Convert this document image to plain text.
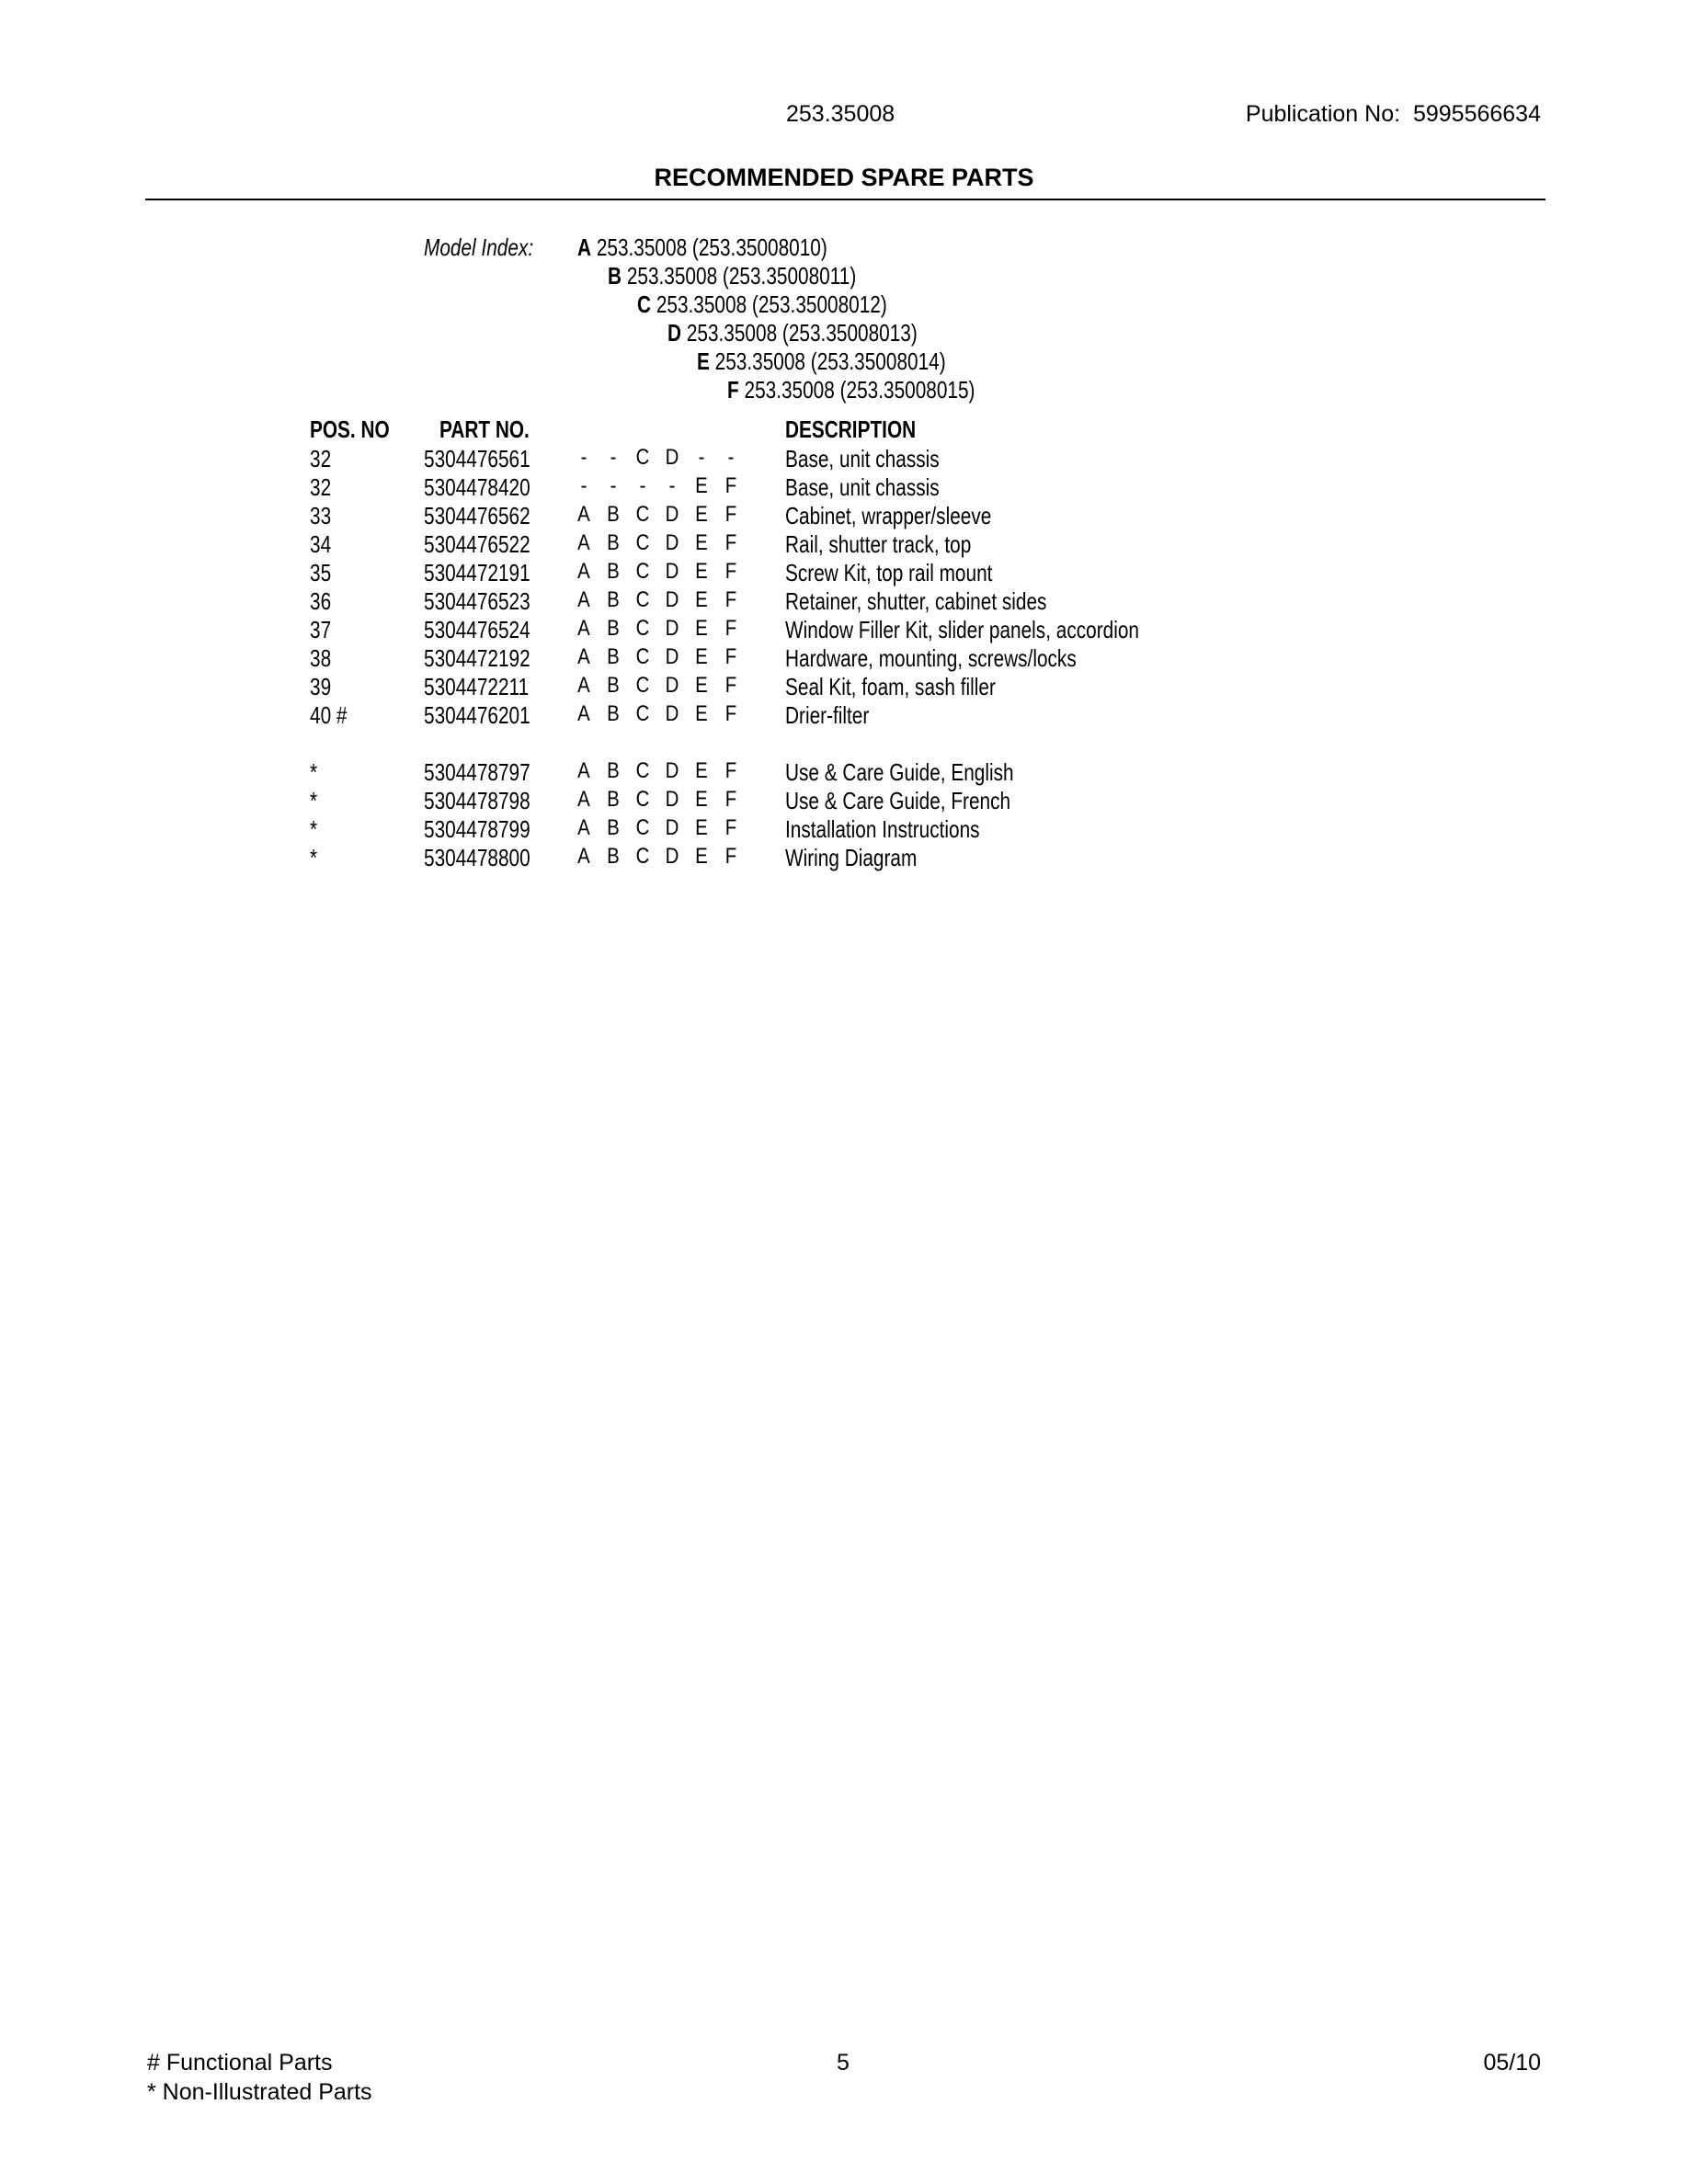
253.35008	Publication No: 5995566634
RECOMMENDED SPARE PARTS
Model Index: A 253.35008 (253.35008010)
B 253.35008 (253.35008011)
C 253.35008 (253.35008012)
D 253.35008 (253.35008013)
E 253.35008 (253.35008014)
F 253.35008 (253.35008015)
POS. NO PART NO.	DESCRIPTION
32	5304476561 - - C D - - Base, unit chassis
32	5304478420 - - - - E F Base, unit chassis
33	5304476562 A B C D E F Cabinet, wrapper/sleeve
34	5304476522 A B C D E F Rail, shutter track, top
35	5304472191 A B C D E F Screw Kit, top rail mount
36	5304476523 A B C D E F Retainer, shutter, cabinet sides
37	5304476524 A B C D E F Window Filler Kit, slider panels, accordion
38	5304472192 A B C D E F Hardware, mounting, screws/locks
39	5304472211 A B C D E F Seal Kit, foam, sash filler
40 #	5304476201 A B C D E F Drier-filter
*	5304478797 A B C D E F Use & Care Guide, English
*	5304478798 A B C D E F Use & Care Guide, French
*	5304478799 A B C D E F Installation Instructions
*	5304478800 A B C D E F Wiring Diagram
# Functional Parts
* Non-Illustrated Parts
5	05/10
